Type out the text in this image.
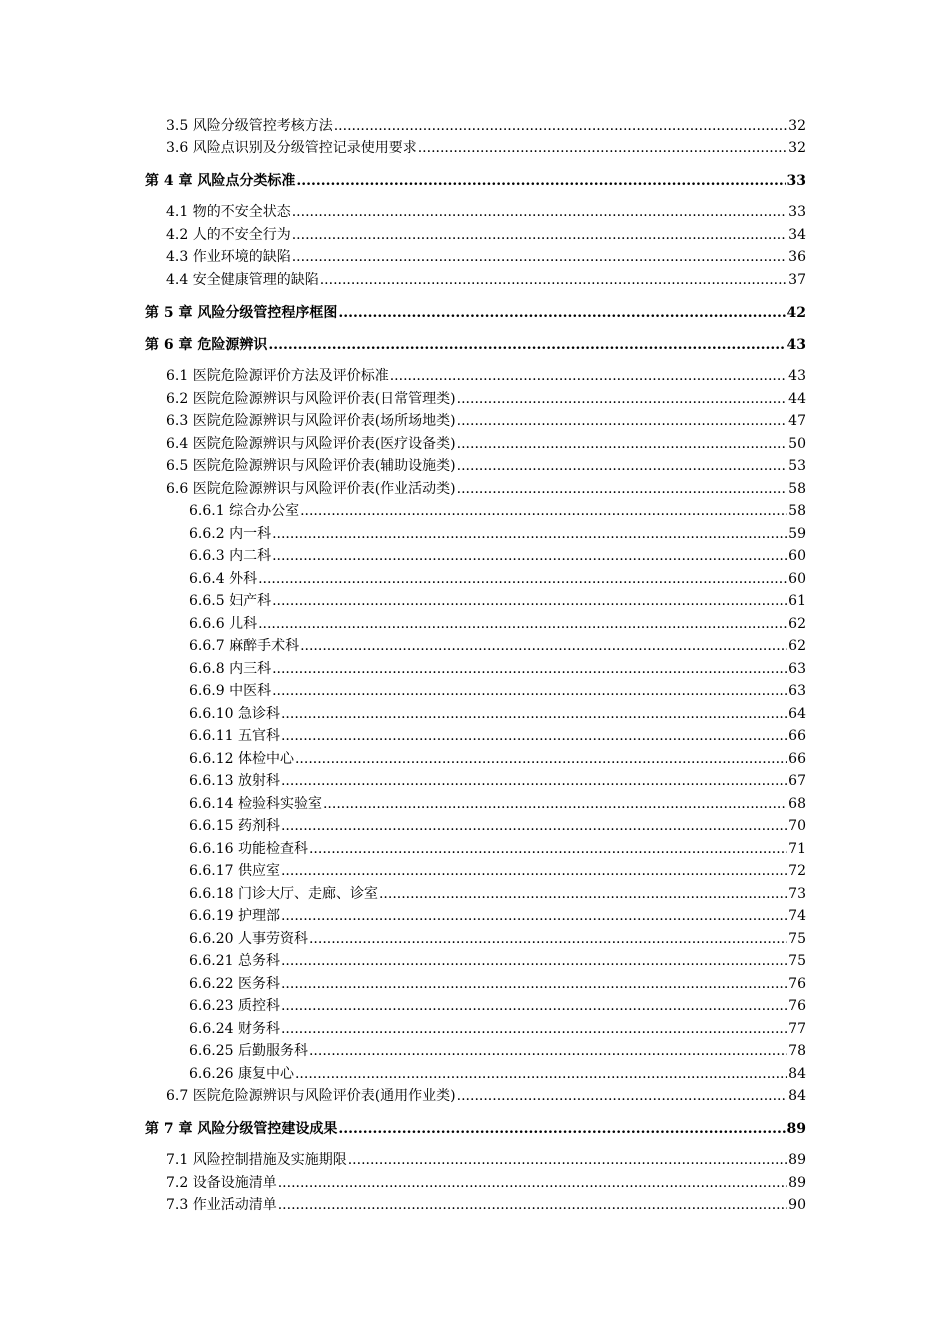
3.5 风险分级管控考核方法 .....	32
3.6 风险点识别及分级管控记录使用要求 .....	32
第 4 章 风险点分类标准 .....	33
4.1 物的不安全状态 .....	33
4.2 人的不安全行为 .....	34
4.3 作业环境的缺陷 .....	36
4.4 安全健康管理的缺陷 .....	37
第 5 章 风险分级管控程序框图 .....	42
第 6 章 危险源辨识 .....	43
6.1 医院危险源评价方法及评价标准 .....	43
6.2 医院危险源辨识与风险评价表(日常管理类) .....	44
6.3 医院危险源辨识与风险评价表(场所场地类) .....	47
6.4 医院危险源辨识与风险评价表(医疗设备类) .....	50
6.5 医院危险源辨识与风险评价表(辅助设施类) .....	53
6.6 医院危险源辨识与风险评价表(作业活动类) .....	58
6.6.1 综合办公室 .....	58
6.6.2 内一科 .....	59
6.6.3 内二科 .....	60
6.6.4 外科 .....	60
6.6.5 妇产科 .....	61
6.6.6 儿科 .....	62
6.6.7 麻醉手术科 .....	62
6.6.8 内三科 .....	63
6.6.9 中医科 .....	63
6.6.10 急诊科 .....	64
6.6.11 五官科 .....	66
6.6.12 体检中心 .....	66
6.6.13 放射科 .....	67
6.6.14 检验科实验室 .....	68
6.6.15 药剂科 .....	70
6.6.16 功能检查科 .....	71
6.6.17 供应室 .....	72
6.6.18 门诊大厅、走廊、诊室 .....	73
6.6.19 护理部 .....	74
6.6.20 人事劳资科 .....	75
6.6.21 总务科 .....	75
6.6.22 医务科 .....	76
6.6.23 质控科 .....	76
6.6.24 财务科 .....	77
6.6.25 后勤服务科 .....	78
6.6.26 康复中心 .....	84
6.7 医院危险源辨识与风险评价表(通用作业类) .....	84
第 7 章 风险分级管控建设成果 .....	89
7.1 风险控制措施及实施期限 .....	89
7.2 设备设施清单 .....	89
7.3 作业活动清单 .....	90
